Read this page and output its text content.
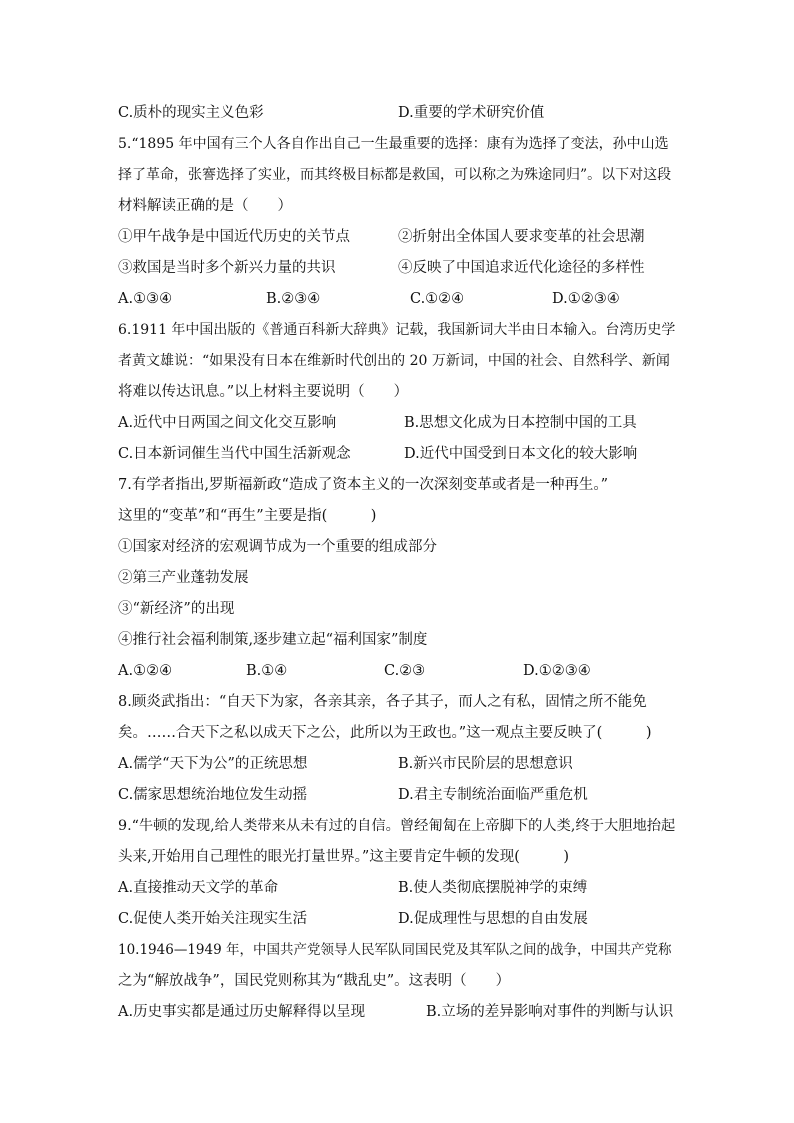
C.质朴的现实主义色彩	D.重要的学术研究价值
5.“1895 年中国有三个人各自作出自己一生最重要的选择：康有为选择了变法，孙中山选
择了革命，张謇选择了实业，而其终极目标都是救国，可以称之为殊途同归”。以下对这段
材料解读正确的是（　　）
①甲午战争是中国近代历史的关节点	②折射出全体国人要求变革的社会思潮
③救国是当时多个新兴力量的共识	④反映了中国追求近代化途径的多样性
A.①③④	B.②③④	C.①②④	D.①②③④
6.1911 年中国出版的《普通百科新大辞典》记载，我国新词大半由日本输入。台湾历史学
者黄文雄说：“如果没有日本在维新时代创出的 20 万新词，中国的社会、自然科学、新闻
将难以传达讯息。”以上材料主要说明（　　）
A.近代中日两国之间文化交互影响	B.思想文化成为日本控制中国的工具
C.日本新词催生当代中国生活新观念	D.近代中国受到日本文化的较大影响
7.有学者指出,罗斯福新政“造成了资本主义的一次深刻变革或者是一种再生。”
这里的“变革”和“再生”主要是指(　　　)
①国家对经济的宏观调节成为一个重要的组成部分
②第三产业蓬勃发展
③“新经济”的出现
④推行社会福利制策,逐步建立起“福利国家”制度
A.①②④	B.①④	C.②③	D.①②③④
8.顾炎武指出：“自天下为家，各亲其亲，各子其子，而人之有私，固情之所不能免
矣。……合天下之私以成天下之公，此所以为王政也。”这一观点主要反映了(　　　)
A.儒学“天下为公”的正统思想	B.新兴市民阶层的思想意识
C.儒家思想统治地位发生动摇	D.君主专制统治面临严重危机
9.“牛顿的发现,给人类带来从未有过的自信。曾经匍匐在上帝脚下的人类,终于大胆地抬起
头来,开始用自己理性的眼光打量世界。”这主要肯定牛顿的发现(　　　)
A.直接推动天文学的革命	B.使人类彻底摆脱神学的束缚
C.促使人类开始关注现实生活	D.促成理性与思想的自由发展
10.1946—1949 年，中国共产党领导人民军队同国民党及其军队之间的战争，中国共产党称
之为“解放战争”，国民党则称其为“戡乱史”。这表明（　　）
A.历史事实都是通过历史解释得以呈现	B.立场的差异影响对事件的判断与认识
